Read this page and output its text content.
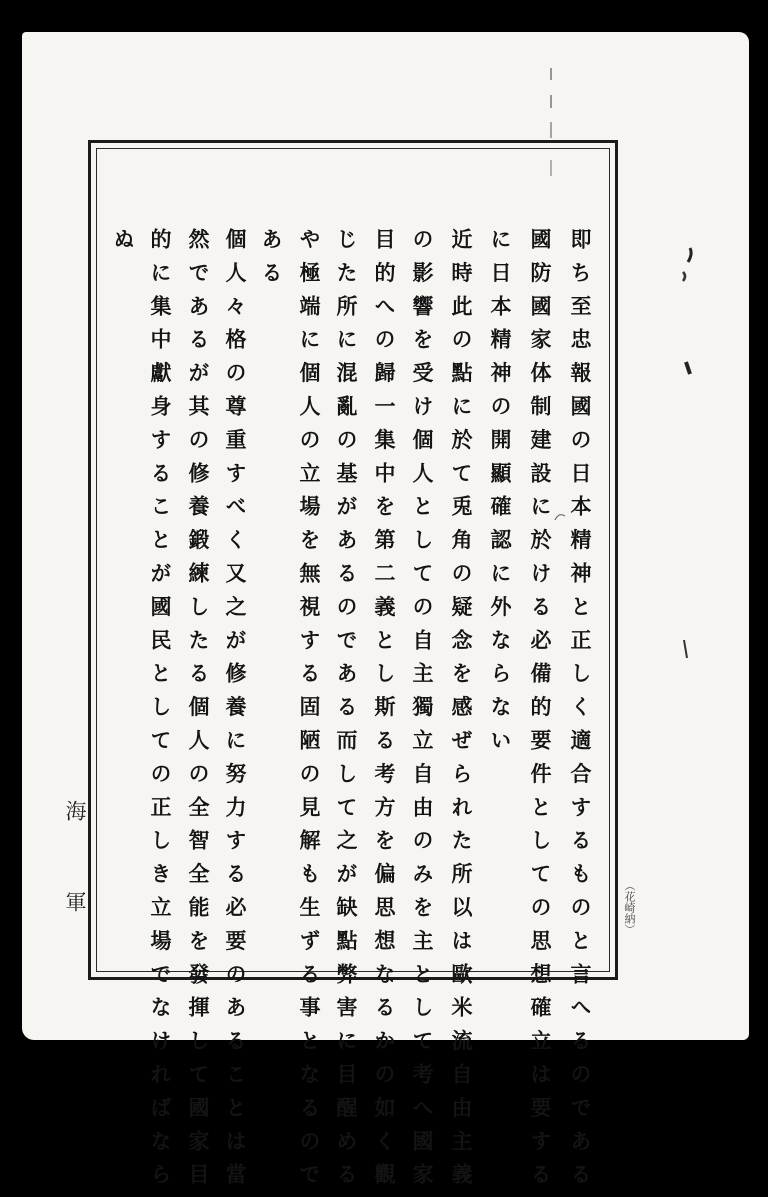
即ち至忠報國の日本精神と正しく適合するものと言へるのである
國防國家体制建設に於ける必備的要件としての思想確立は要する
に日本精神の開顯確認に外ならない
近時此の點に於て兎角の疑念を感ぜられた所以は歐米流自由主義
の影響を受け個人としての自主獨立自由のみを主として考へ國家
目的への歸一集中を第二義とし斯る考方を偏思想なるかの如く觀
じた所に混亂の基があるのである而して之が缺點弊害に目醒める
や極端に個人の立場を無視する固陋の見解も生ずる事となるので
ある
個人々格の尊重すべく又之が修養に努力する必要のあることは當
然であるが其の修養鍛練したる個人の全智全能を發揮して國家目
的に集中獻身することが國民としての正しき立場でなければなら
ぬ
海軍	（花崎納）
